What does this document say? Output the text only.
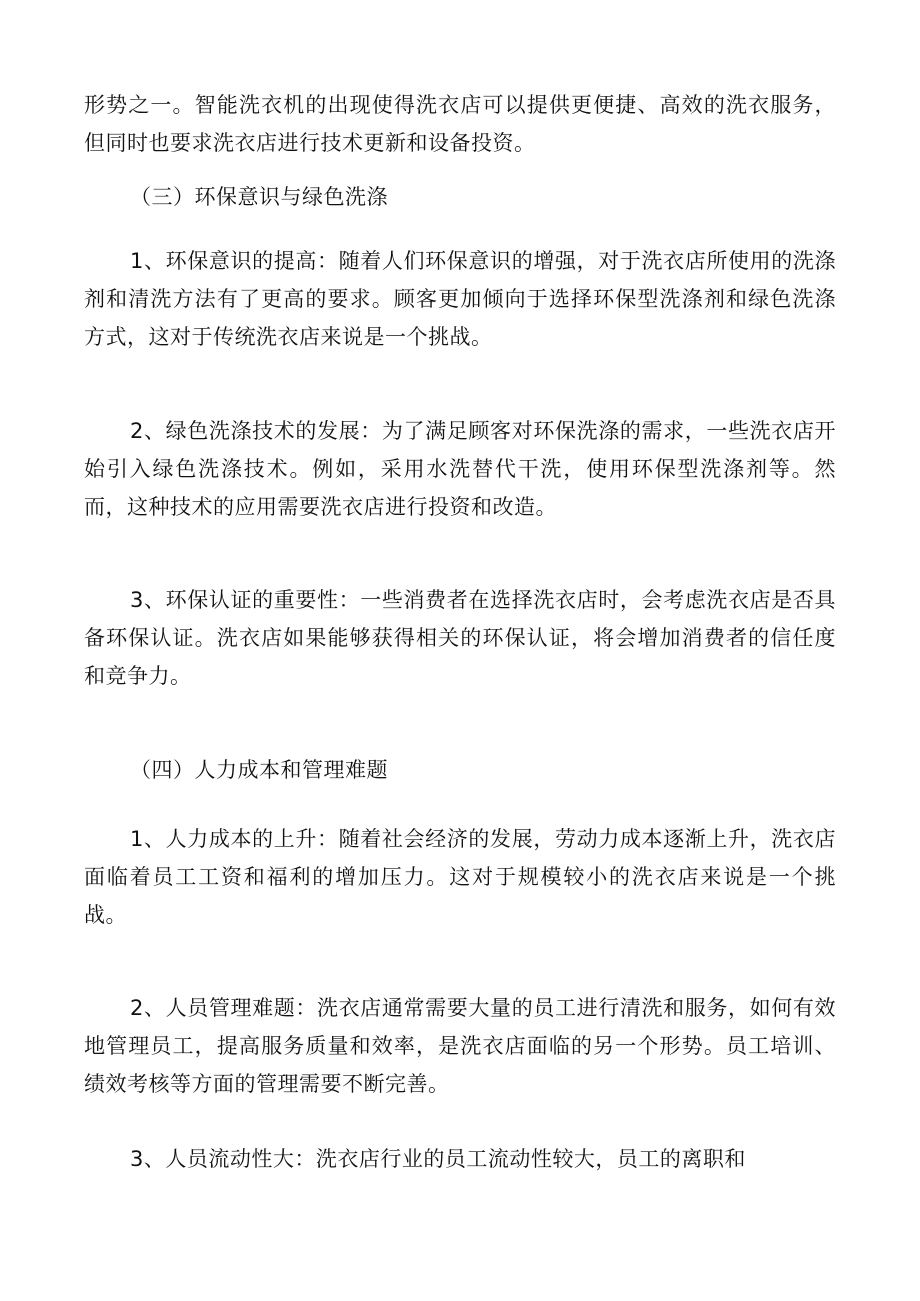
形势之一。智能洗衣机的出现使得洗衣店可以提供更便捷、高效的洗衣服务，但同时也要求洗衣店进行技术更新和设备投资。

（三）环保意识与绿色洗涤

1、环保意识的提高：随着人们环保意识的增强，对于洗衣店所使用的洗涤剂和清洗方法有了更高的要求。顾客更加倾向于选择环保型洗涤剂和绿色洗涤方式，这对于传统洗衣店来说是一个挑战。

2、绿色洗涤技术的发展：为了满足顾客对环保洗涤的需求，一些洗衣店开始引入绿色洗涤技术。例如，采用水洗替代干洗，使用环保型洗涤剂等。然而，这种技术的应用需要洗衣店进行投资和改造。

3、环保认证的重要性：一些消费者在选择洗衣店时，会考虑洗衣店是否具备环保认证。洗衣店如果能够获得相关的环保认证，将会增加消费者的信任度和竞争力。

（四）人力成本和管理难题

1、人力成本的上升：随着社会经济的发展，劳动力成本逐渐上升，洗衣店面临着员工工资和福利的增加压力。这对于规模较小的洗衣店来说是一个挑战。

2、人员管理难题：洗衣店通常需要大量的员工进行清洗和服务，如何有效地管理员工，提高服务质量和效率，是洗衣店面临的另一个形势。员工培训、绩效考核等方面的管理需要不断完善。

3、人员流动性大：洗衣店行业的员工流动性较大，员工的离职和
